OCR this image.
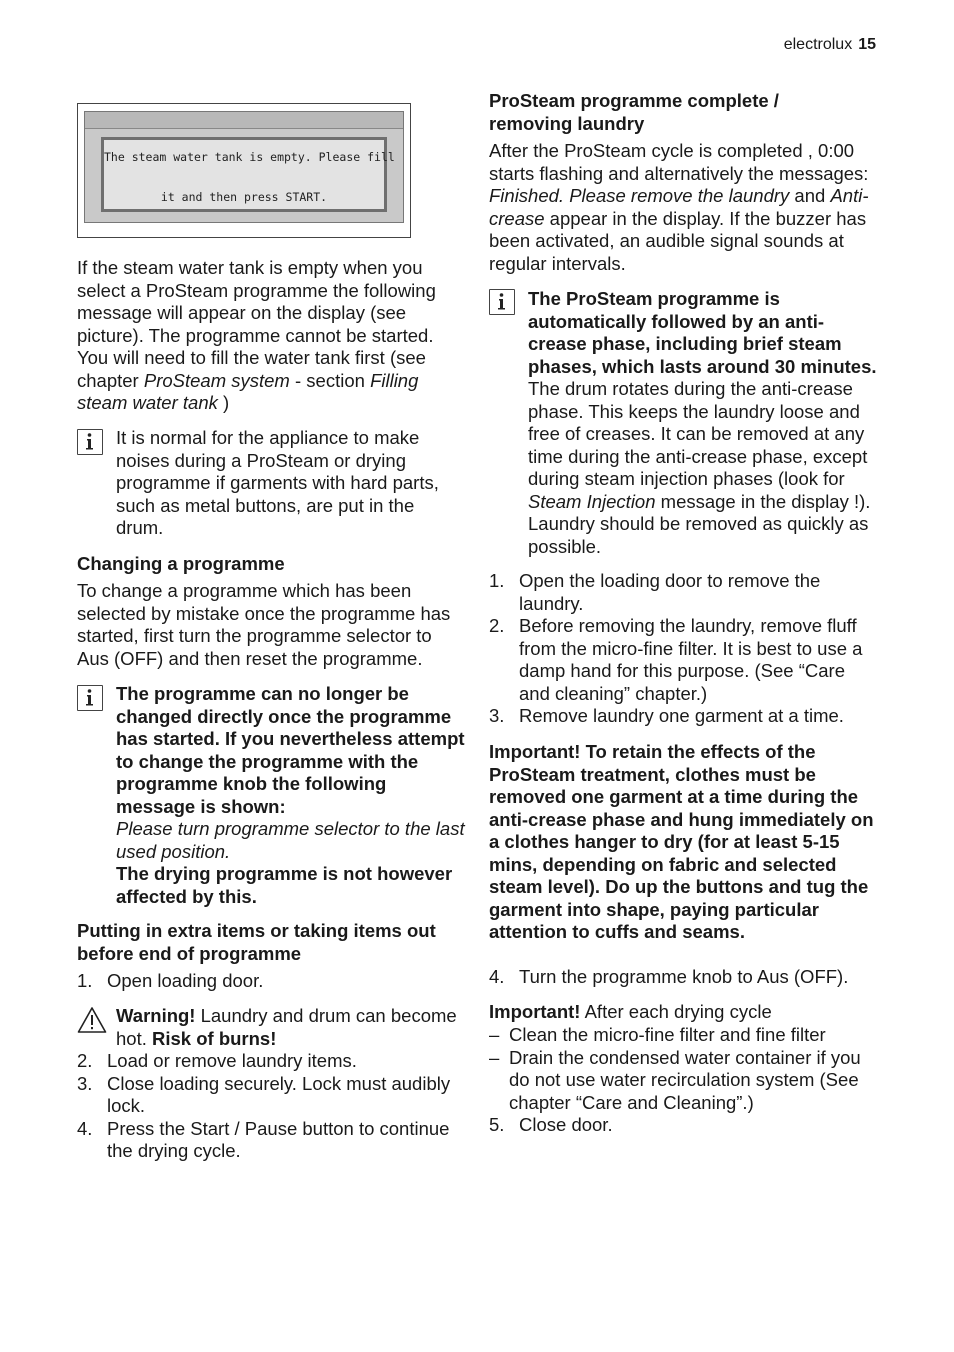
electrolux 15
The steam water tank is empty. Please fill
it and then press START.

If the steam water tank is empty when you select a ProSteam programme the following message will appear on the display (see picture). The programme cannot be started. You will need to fill the water tank first (see chapter ProSteam system - section Filling steam water tank )

It is normal for the appliance to make noises during a ProSteam or drying programme if garments with hard parts, such as metal buttons, are put in the drum.

Changing a programme

To change a programme which has been selected by mistake once the programme has started, first turn the programme selector to Aus (OFF) and then reset the programme.

The programme can no longer be changed directly once the programme has started. If you nevertheless attempt to change the programme with the programme knob the following message is shown:
Please turn programme selector to the last used position.
The drying programme is not however affected by this.
Putting in extra items or taking items out before end of programme
1. Open loading door.

Warning! Laundry and drum can become hot. Risk of burns!

2. Load or remove laundry items.
3. Close loading securely. Lock must audibly lock.
4. Press the Start / Pause button to continue the drying cycle.
ProSteam programme complete / removing laundry

After the ProSteam cycle is completed , 0:00 starts flashing and alternatively the messages: Finished. Please remove the laundry and Anti-crease appear in the display. If the buzzer has been activated, an audible signal sounds at regular intervals.

The ProSteam programme is automatically followed by an anti-crease phase, including brief steam phases, which lasts around 30 minutes. The drum rotates during the anti-crease phase. This keeps the laundry loose and free of creases. It can be removed at any time during the anti-crease phase, except during steam injection phases (look for Steam Injection message in the display !). Laundry should be removed as quickly as possible.

1. Open the loading door to remove the laundry.
2. Before removing the laundry, remove fluff from the micro-fine filter. It is best to use a damp hand for this purpose. (See “Care and cleaning” chapter.)
3. Remove laundry one garment at a time.

Important! To retain the effects of the ProSteam treatment, clothes must be removed one garment at a time during the anti-crease phase and hung immediately on a clothes hanger to dry (for at least 5-15 mins, depending on fabric and selected steam level). Do up the buttons and tug the garment into shape, paying particular attention to cuffs and seams.

4. Turn the programme knob to Aus (OFF).

Important! After each drying cycle

– Clean the micro-fine filter and fine filter
– Drain the condensed water container if you do not use water recirculation system (See chapter “Care and Cleaning”.)
5. Close door.
